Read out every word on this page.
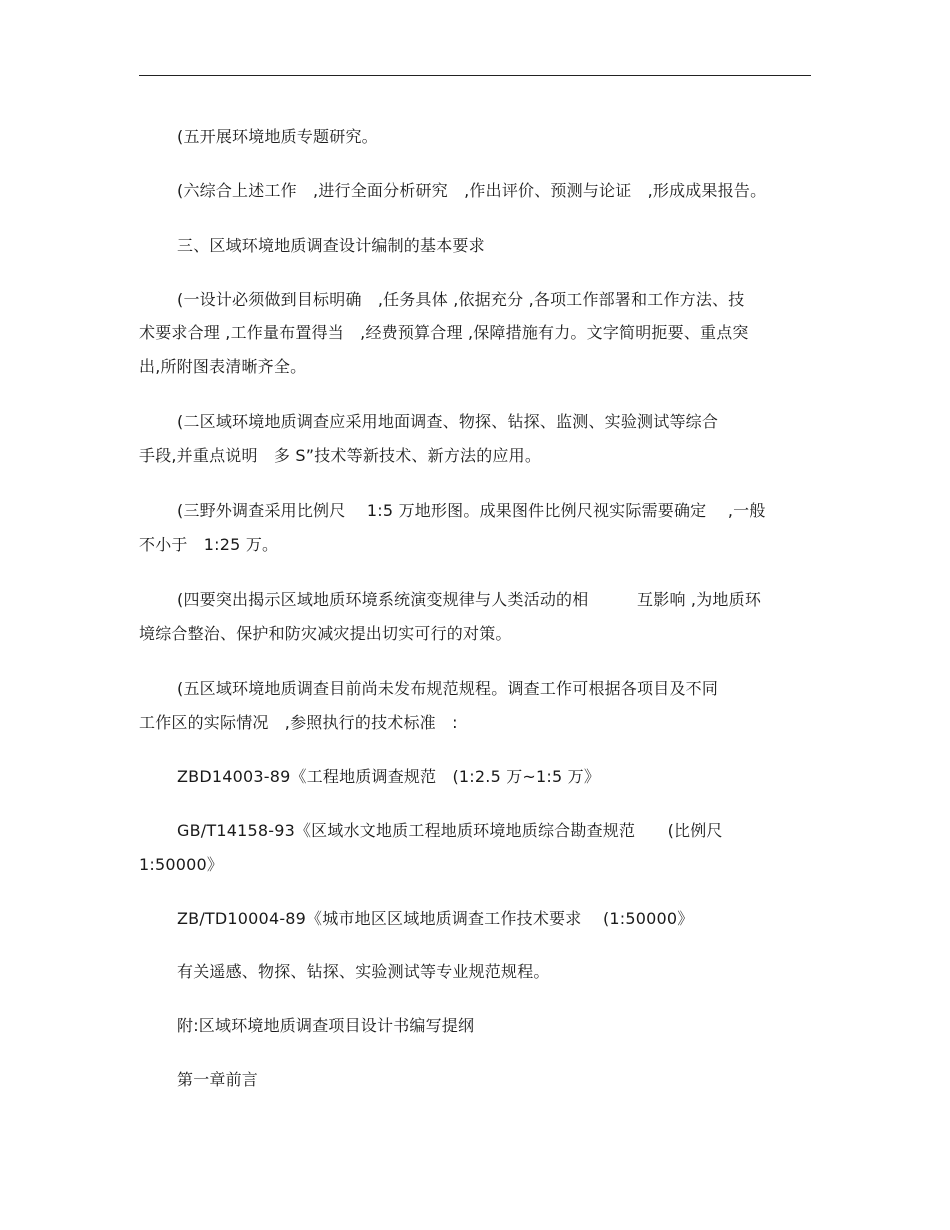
(五开展环境地质专题研究。
(六综合上述工作　,进行全面分析研究　,作出评价、预测与论证　,形成成果报告。
三、区域环境地质调查设计编制的基本要求
(一设计必须做到目标明确　,任务具体 ,依据充分 ,各项工作部署和工作方法、技
术要求合理 ,工作量布置得当　,经费预算合理 ,保障措施有力。文字简明扼要、重点突
出,所附图表清晰齐全。
(二区域环境地质调查应采用地面调查、物探、钻探、监测、实验测试等综合
手段,并重点说明　多 S”技术等新技术、新方法的应用。
(三野外调查采用比例尺　 1:5 万地形图。成果图件比例尺视实际需要确定　 ,一般
不小于　1:25 万。
(四要突出揭示区域地质环境系统演变规律与人类活动的相　　　互影响 ,为地质环
境综合整治、保护和防灾减灾提出切实可行的对策。
(五区域环境地质调查目前尚未发布规范规程。调查工作可根据各项目及不同
工作区的实际情况　,参照执行的技术标准　:
ZBD14003-89《工程地质调查规范　(1:2.5 万~1:5 万》
GB/T14158-93《区域水文地质工程地质环境地质综合勘查规范　　(比例尺
1:50000》
ZB/TD10004-89《城市地区区域地质调查工作技术要求　 (1:50000》
有关遥感、物探、钻探、实验测试等专业规范规程。
附:区域环境地质调查项目设计书编写提纲
第一章前言
